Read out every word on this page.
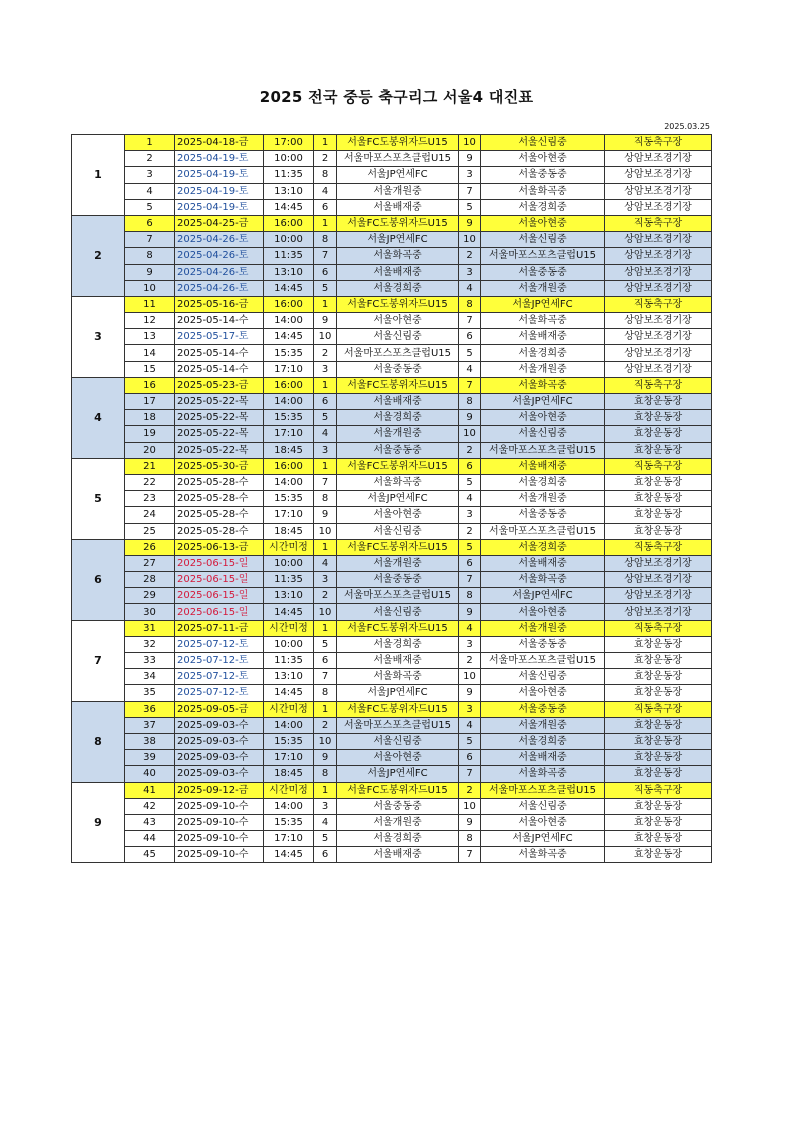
2025 전국 중등 축구리그 서울4 대진표
2025.03.25
1	1	2025-04-18-금	17:00	1	서울FC도봉위자드U15	10	서울신림중	직동축구장
	2	2025-04-19-토	10:00	2	서울마포스포츠클럽U15	9	서울아현중	상암보조경기장
	3	2025-04-19-토	11:35	8	서울JP연세FC	3	서울중동중	상암보조경기장
	4	2025-04-19-토	13:10	4	서울개원중	7	서울화곡중	상암보조경기장
	5	2025-04-19-토	14:45	6	서울배재중	5	서울경희중	상암보조경기장
2	6	2025-04-25-금	16:00	1	서울FC도봉위자드U15	9	서울아현중	직동축구장
	7	2025-04-26-토	10:00	8	서울JP연세FC	10	서울신림중	상암보조경기장
	8	2025-04-26-토	11:35	7	서울화곡중	2	서울마포스포츠클럽U15	상암보조경기장
	9	2025-04-26-토	13:10	6	서울배재중	3	서울중동중	상암보조경기장
	10	2025-04-26-토	14:45	5	서울경희중	4	서울개원중	상암보조경기장
3	11	2025-05-16-금	16:00	1	서울FC도봉위자드U15	8	서울JP연세FC	직동축구장
	12	2025-05-14-수	14:00	9	서울아현중	7	서울화곡중	상암보조경기장
	13	2025-05-17-토	14:45	10	서울신림중	6	서울배재중	상암보조경기장
	14	2025-05-14-수	15:35	2	서울마포스포츠클럽U15	5	서울경희중	상암보조경기장
	15	2025-05-14-수	17:10	3	서울중동중	4	서울개원중	상암보조경기장
4	16	2025-05-23-금	16:00	1	서울FC도봉위자드U15	7	서울화곡중	직동축구장
	17	2025-05-22-목	14:00	6	서울배재중	8	서울JP연세FC	효창운동장
	18	2025-05-22-목	15:35	5	서울경희중	9	서울아현중	효창운동장
	19	2025-05-22-목	17:10	4	서울개원중	10	서울신림중	효창운동장
	20	2025-05-22-목	18:45	3	서울중동중	2	서울마포스포츠클럽U15	효창운동장
5	21	2025-05-30-금	16:00	1	서울FC도봉위자드U15	6	서울배재중	직동축구장
	22	2025-05-28-수	14:00	7	서울화곡중	5	서울경희중	효창운동장
	23	2025-05-28-수	15:35	8	서울JP연세FC	4	서울개원중	효창운동장
	24	2025-05-28-수	17:10	9	서울아현중	3	서울중동중	효창운동장
	25	2025-05-28-수	18:45	10	서울신림중	2	서울마포스포츠클럽U15	효창운동장
6	26	2025-06-13-금	시간미정	1	서울FC도봉위자드U15	5	서울경희중	직동축구장
	27	2025-06-15-일	10:00	4	서울개원중	6	서울배재중	상암보조경기장
	28	2025-06-15-일	11:35	3	서울중동중	7	서울화곡중	상암보조경기장
	29	2025-06-15-일	13:10	2	서울마포스포츠클럽U15	8	서울JP연세FC	상암보조경기장
	30	2025-06-15-일	14:45	10	서울신림중	9	서울아현중	상암보조경기장
7	31	2025-07-11-금	시간미정	1	서울FC도봉위자드U15	4	서울개원중	직동축구장
	32	2025-07-12-토	10:00	5	서울경희중	3	서울중동중	효창운동장
	33	2025-07-12-토	11:35	6	서울배재중	2	서울마포스포츠클럽U15	효창운동장
	34	2025-07-12-토	13:10	7	서울화곡중	10	서울신림중	효창운동장
	35	2025-07-12-토	14:45	8	서울JP연세FC	9	서울아현중	효창운동장
8	36	2025-09-05-금	시간미정	1	서울FC도봉위자드U15	3	서울중동중	직동축구장
	37	2025-09-03-수	14:00	2	서울마포스포츠클럽U15	4	서울개원중	효창운동장
	38	2025-09-03-수	15:35	10	서울신림중	5	서울경희중	효창운동장
	39	2025-09-03-수	17:10	9	서울아현중	6	서울배재중	효창운동장
	40	2025-09-03-수	18:45	8	서울JP연세FC	7	서울화곡중	효창운동장
9	41	2025-09-12-금	시간미정	1	서울FC도봉위자드U15	2	서울마포스포츠클럽U15	직동축구장
	42	2025-09-10-수	14:00	3	서울중동중	10	서울신림중	효창운동장
	43	2025-09-10-수	15:35	4	서울개원중	9	서울아현중	효창운동장
	44	2025-09-10-수	17:10	5	서울경희중	8	서울JP연세FC	효창운동장
	45	2025-09-10-수	14:45	6	서울배재중	7	서울화곡중	효창운동장
